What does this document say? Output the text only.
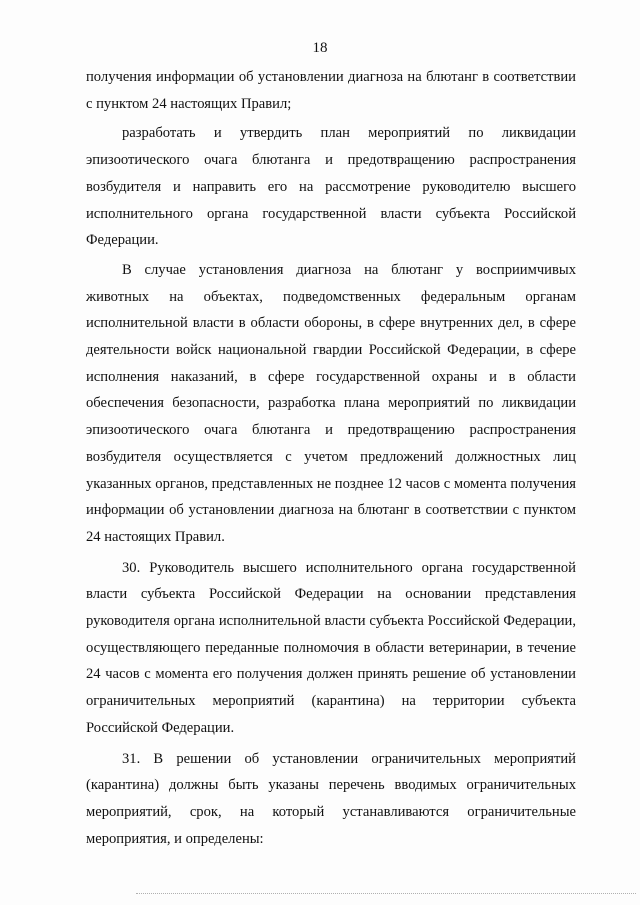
18

получения информации об установлении диагноза на блютанг в соответствии с пунктом 24 настоящих Правил;

разработать и утвердить план мероприятий по ликвидации эпизоотического очага блютанга и предотвращению распространения возбудителя и направить его на рассмотрение руководителю высшего исполнительного органа государственной власти субъекта Российской Федерации.

В случае установления диагноза на блютанг у восприимчивых животных на объектах, подведомственных федеральным органам исполнительной власти в области обороны, в сфере внутренних дел, в сфере деятельности войск национальной гвардии Российской Федерации, в сфере исполнения наказаний, в сфере государственной охраны и в области обеспечения безопасности, разработка плана мероприятий по ликвидации эпизоотического очага блютанга и предотвращению распространения возбудителя осуществляется с учетом предложений должностных лиц указанных органов, представленных не позднее 12 часов с момента получения информации об установлении диагноза на блютанг в соответствии с пунктом 24 настоящих Правил.

30. Руководитель высшего исполнительного органа государственной власти субъекта Российской Федерации на основании представления руководителя органа исполнительной власти субъекта Российской Федерации, осуществляющего переданные полномочия в области ветеринарии, в течение 24 часов с момента его получения должен принять решение об установлении ограничительных мероприятий (карантина) на территории субъекта Российской Федерации.

31. В решении об установлении ограничительных мероприятий (карантина) должны быть указаны перечень вводимых ограничительных мероприятий, срок, на который устанавливаются ограничительные мероприятия, и определены:
